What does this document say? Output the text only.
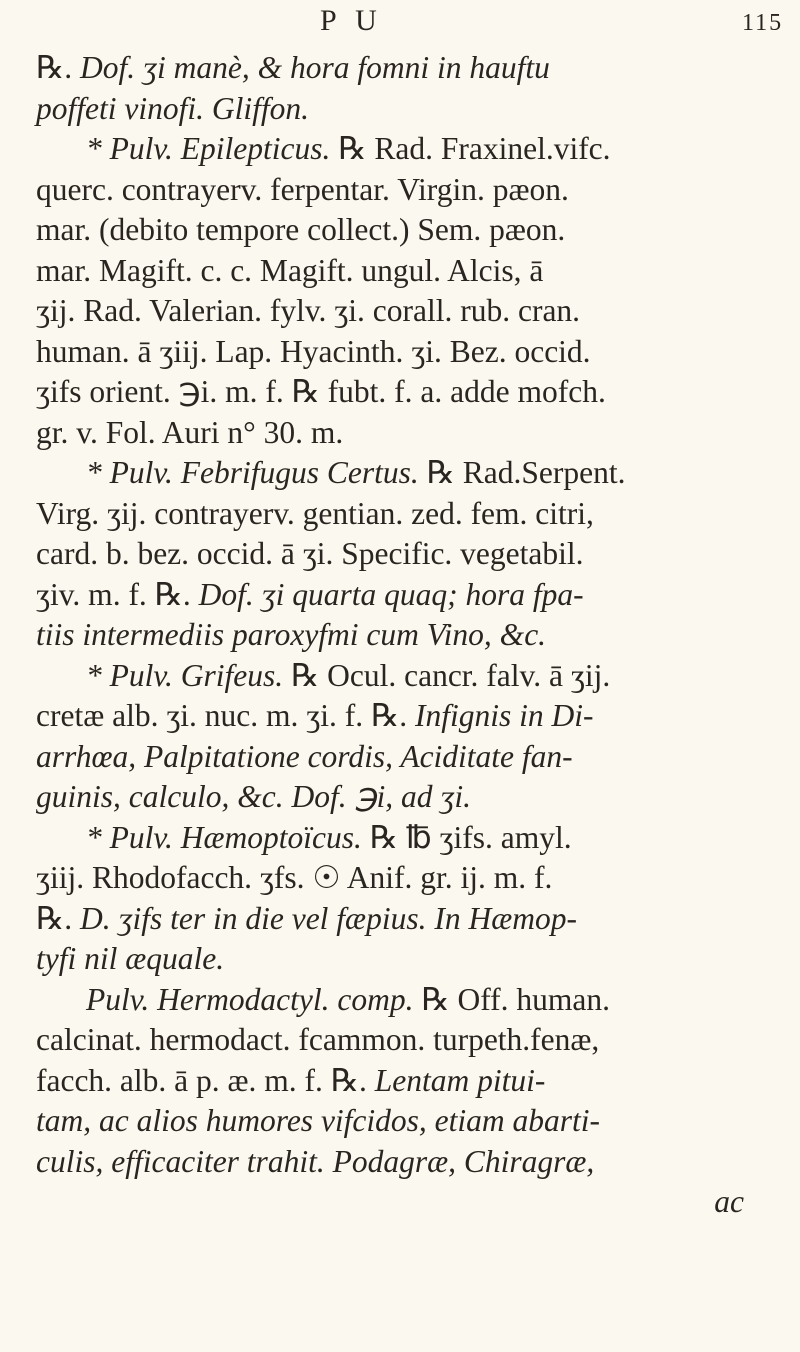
P U	115
℞. Dof. ʒi manè, & hora fomni in hauftu
poffeti vinofi. Gliffon.
* Pulv. Epilepticus. ℞ Rad. Fraxinel.vifc.
querc. contrayerv. ferpentar. Virgin. pæon.
mar. (debito tempore collect.) Sem. pæon.
mar. Magift. c. c. Magift. ungul. Alcis, ā
ʒij. Rad. Valerian. fylv. ʒi. corall. rub. cran.
human. ā ʒiij. Lap. Hyacinth. ʒi. Bez. occid.
ʒifs orient. ℈i. m. f. ℞ fubt. f. a. adde mofch.
gr. v. Fol. Auri n° 30. m.
* Pulv. Febrifugus Certus. ℞ Rad.Serpent.
Virg. ʒij. contrayerv. gentian. zed. fem. citri,
card. b. bez. occid. ā ʒi. Specific. vegetabil.
ʒiv. m. f. ℞. Dof. ʒi quarta quaq; hora fpa-
tiis intermediis paroxyfmi cum Vino, &c.
* Pulv. Grifeus. ℞ Ocul. cancr. falv. ā ʒij.
cretæ alb. ʒi. nuc. m. ʒi. f. ℞. Infignis in Di-
arrhœa, Palpitatione cordis, Aciditate fan-
guinis, calculo, &c. Dof. ℈i, ad ʒi.
* Pulv. Hæmoptoïcus. ℞ ℔ ʒifs. amyl.
ʒiij. Rhodofacch. ʒfs. ☉ Anif. gr. ij. m. f.
℞. D. ʒifs ter in die vel fæpius. In Hæmop-
tyfi nil æquale.
Pulv. Hermodactyl. comp. ℞ Off. human.
calcinat. hermodact. fcammon. turpeth.fenæ,
facch. alb. ā p. æ. m. f. ℞. Lentam pitui-
tam, ac alios humores vifcidos, etiam abarti-
culis, efficaciter trahit. Podagræ, Chiragræ,
ac
